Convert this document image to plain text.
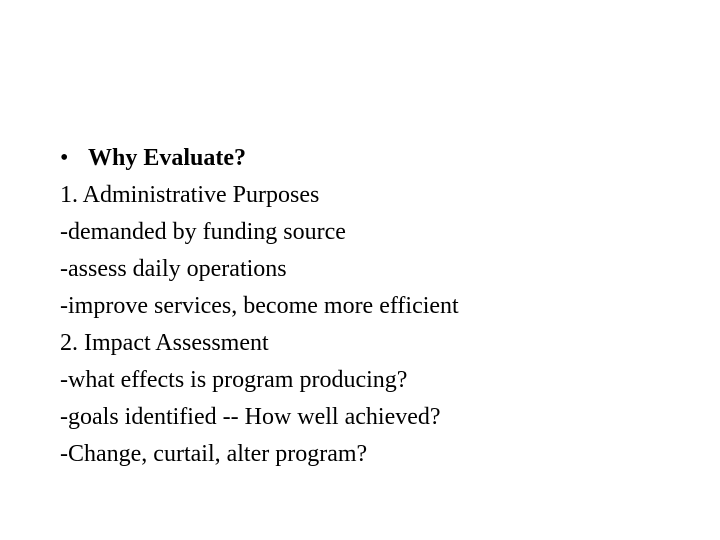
• Why Evaluate?
1. Administrative Purposes
-demanded by funding source
-assess daily operations
-improve services, become more efficient
2. Impact Assessment
-what effects is program producing?
-goals identified -- How well achieved?
-Change, curtail, alter program?
